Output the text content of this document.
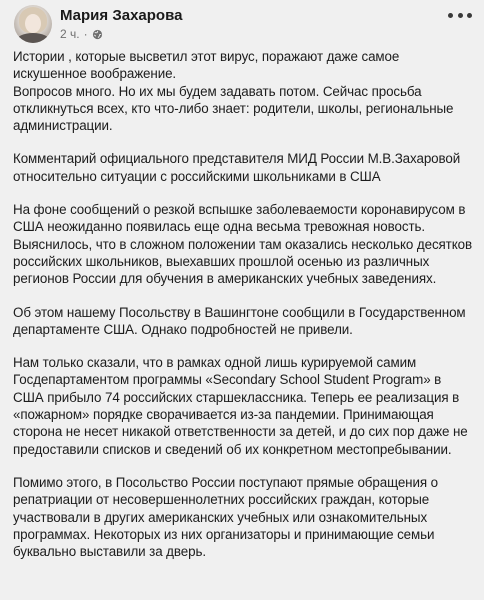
Мария Захарова
2 ч. ·

Истории , которые высветил этот вирус, поражают даже самое искушенное воображение.
Вопросов много. Но их мы будем задавать потом. Сейчас просьба откликнуться всех, кто что-либо знает: родители, школы, региональные администрации.

Комментарий официального представителя МИД России М.В.Захаровой относительно ситуации с российскими школьниками в США

На фоне сообщений о резкой вспышке заболеваемости коронавирусом в США неожиданно появилась еще одна весьма тревожная новость. Выяснилось, что в сложном положении там оказались несколько десятков российских школьников, выехавших прошлой осенью из различных регионов России для обучения в американских учебных заведениях.

Об этом нашему Посольству в Вашингтоне сообщили в Государственном департаменте США. Однако подробностей не привели.

Нам только сказали, что в рамках одной лишь курируемой самим Госдепартаментом программы «Secondary School Student Program» в США прибыло 74 российских старшеклассника. Теперь ее реализация в «пожарном» порядке сворачивается из-за пандемии. Принимающая сторона не несет никакой ответственности за детей, и до сих пор даже не предоставили списков и сведений об их конкретном местопребывании.

Помимо этого, в Посольство России поступают прямые обращения о репатриации от несовершеннолетних российских граждан, которые участвовали в других американских учебных или ознакомительных программах. Некоторых из них организаторы и принимающие семьи буквально выставили за дверь.
